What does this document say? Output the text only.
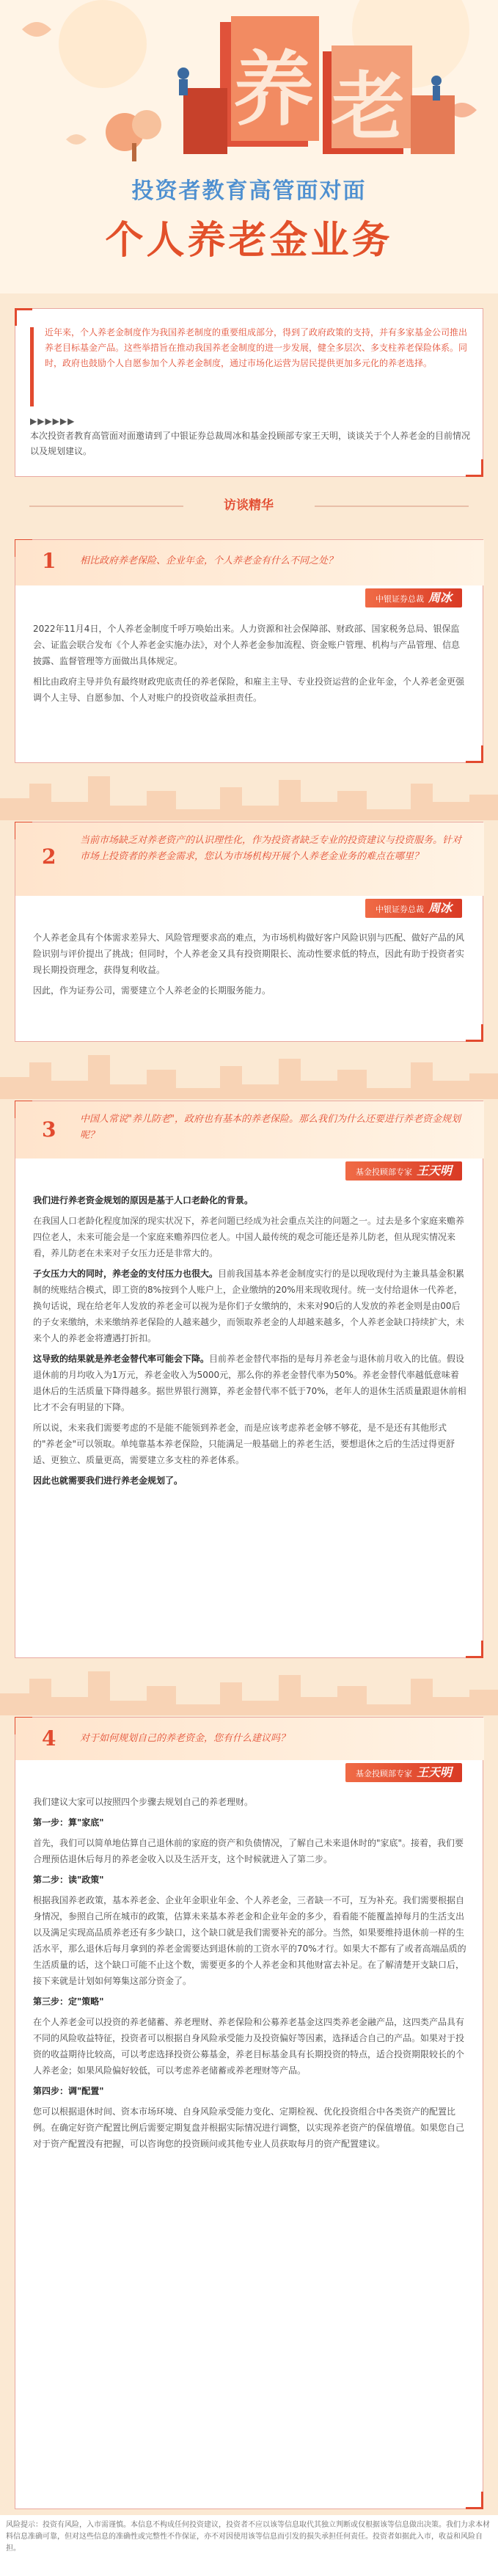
养 老
投资者教育高管面对面
个人养老金业务
近年来，个人养老金制度作为我国养老制度的重要组成部分，得到了政府政策的支持，并有多家基金公司推出养老目标基金产品。这些举措旨在推动我国养老金制度的进一步发展，健全多层次、多支柱养老保险体系。同时，政府也鼓励个人自愿参加个人养老金制度，通过市场化运营为居民提供更加多元化的养老选择。
▶▶▶▶▶▶
本次投资者教育高管面对面邀请到了中银证券总裁周冰和基金投顾部专家王天明，谈谈关于个人养老金的目前情况以及规划建议。
访谈精华
1	相比政府养老保险、企业年金，个人养老金有什么不同之处？
中银证券总裁 周冰

2022年11月4日，个人养老金制度千呼万唤始出来。人力资源和社会保障部、财政部、国家税务总局、银保监会、证监会联合发布《个人养老金实施办法》，对个人养老金参加流程、资金账户管理、机构与产品管理、信息披露、监督管理等方面做出具体规定。

相比由政府主导并负有最终财政兜底责任的养老保险，和雇主主导、专业投资运营的企业年金，个人养老金更强调个人主导、自愿参加、个人对账户的投资收益承担责任。

2
当前市场缺乏对养老资产的认识理性化，作为投资者缺乏专业的投资建议与投资服务。针对市场上投资者的养老金需求，您认为市场机构开展个人养老金业务的难点在哪里？
中银证券总裁 周冰

个人养老金具有个体需求差异大、风险管理要求高的难点，为市场机构做好客户风险识别与匹配、做好产品的风险识别与评价提出了挑战；但同时，个人养老金又具有投资期限长、流动性要求低的特点，因此有助于投资者实现长期投资理念，获得复利收益。

因此，作为证券公司，需要建立个人养老金的长期服务能力。

3	中国人常说"养儿防老"，政府也有基本的养老保险。那么我们为什么还要进行养老资金规划呢？
基金投顾部专家 王天明

我们进行养老资金规划的原因是基于人口老龄化的背景。

在我国人口老龄化程度加深的现实状况下，养老问题已经成为社会重点关注的问题之一。过去是多个家庭来赡养四位老人，未来可能会是一个家庭来赡养四位老人。中国人最传统的观念可能还是养儿防老，但从现实情况来看，养儿防老在未来对子女压力还是非常大的。

子女压力大的同时，养老金的支付压力也很大。目前我国基本养老金制度实行的是以现收现付为主兼具基金积累制的统账结合模式，即工资的8%按到个人账户上，企业缴纳的20%用来现收现付。统一支付给退休一代养老，换句话说，现在给老年人发放的养老金可以视为是你们子女缴纳的，未来对90后的人发放的养老金则是由00后的子女来缴纳，未来缴纳养老保险的人越来越少，而领取养老金的人却越来越多，个人养老金缺口持续扩大，未来个人的养老金将遭遇打折扣。

这导致的结果就是养老金替代率可能会下降。目前养老金替代率指的是每月养老金与退休前月收入的比值。假设退休前的月均收入为1万元，养老金收入为5000元，那么你的养老金替代率为50%。养老金替代率越低意味着退休后的生活质量下降得越多。据世界银行测算，养老金替代率不低于70%，老年人的退休生活质量跟退休前相比才不会有明显的下降。

所以说，未来我们需要考虑的不是能不能领到养老金，而是应该考虑养老金够不够花，是不是还有其他形式的"养老金"可以领取。单纯靠基本养老保险，只能满足一般基础上的养老生活，要想退休之后的生活过得更舒适、更独立、质量更高，需要建立多支柱的养老体系。

因此也就需要我们进行养老金规划了。

4	对于如何规划自己的养老资金，您有什么建议吗？
基金投顾部专家 王天明

我们建议大家可以按照四个步骤去规划自己的养老理财。

第一步：算"家底"

首先，我们可以简单地估算自己退休前的家庭的资产和负债情况，了解自己未来退休时的"家底"。接着，我们要合理预估退休后每月的养老金收入以及生活开支，这个时候就进入了第二步。

第二步：读"政策"

根据我国养老政策，基本养老金、企业年金职业年金、个人养老金，三者缺一不可，互为补充。我们需要根据自身情况，参照自己所在城市的政策，估算未来基本养老金和企业年金的多少，看看能不能覆盖掉每月的生活支出以及满足实现高品质养老还有多少缺口，这个缺口就是我们需要补充的部分。当然，如果要维持退休前一样的生活水平，那么退休后每月拿到的养老金需要达到退休前的工资水平的70%才行。如果大不都有了或者高端品质的生活质量的话，这个缺口可能不止这个数，需要更多的个人养老金和其他财富去补足。在了解清楚开支缺口后，接下来就是计划如何筹集这部分资金了。

第三步：定"策略"

在个人养老金可以投资的养老储蓄、养老理财、养老保险和公募养老基金这四类养老金融产品，这四类产品具有不同的风险收益特征，投资者可以根据自身风险承受能力及投资偏好等因素，选择适合自己的产品。如果对于投资的收益期待比较高，可以考虑选择投资公募基金，养老目标基金具有长期投资的特点，适合投资期限较长的个人养老金；如果风险偏好较低，可以考虑养老储蓄或养老理财等产品。

第四步：调"配置"

您可以根据退休时间、资本市场环境、自身风险承受能力变化、定期检视、优化投资组合中各类资产的配置比例。在确定好资产配置比例后需要定期复盘并根据实际情况进行调整，以实现养老资产的保值增值。如果您自己对于资产配置没有把握，可以咨询您的投资顾问或其他专业人员获取每月的资产配置建议。

风险提示：投资有风险，入市需谨慎。本信息不构成任何投资建议，投资者不应以该等信息取代其独立判断或仅根据该等信息做出决策。我们力求本材料信息准确可靠，但对这些信息的准确性或完整性不作保证，亦不对因使用该等信息而引发的损失承担任何责任。投资者如据此入市，收益和风险自担。
